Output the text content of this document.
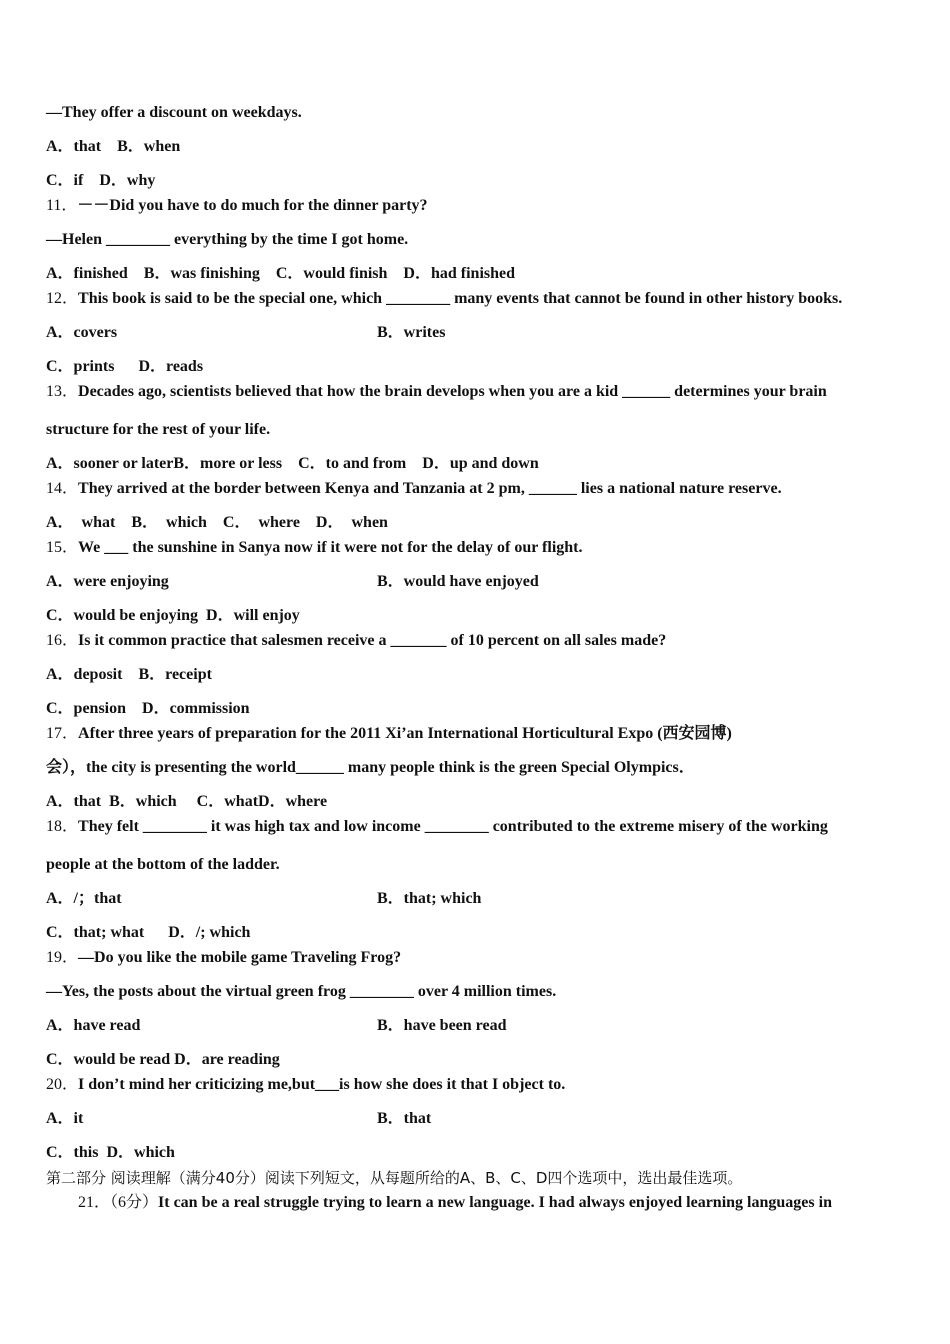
—They offer a discount on weekdays.
A．that　B．when
C．if　D．why
11．－－Did you have to do much for the dinner party?
—Helen ________ everything by the time I got home.
A．finished　B．was finishing　C．would finish　D．had finished
12．This book is said to be the special one, which ________ many events that cannot be found in other history books.
A．covers	B．writes
C．prints　  D．reads
13．Decades ago, scientists believed that how the brain develops when you are a kid ______ determines your brain
structure for the rest of your life.
A．sooner or laterB．more or less　C．to and from　D．up and down
14．They arrived at the border between Kenya and Tanzania at 2 pm, ______ lies a national nature reserve.
A．  what　B．  which　C．  where　D．  when
15．We ___ the sunshine in Sanya now if it were not for the delay of our flight.
A．were enjoying	B．would have enjoyed
C．would be enjoying  D．will enjoy
16．Is it common practice that salesmen receive a _______ of 10 percent on all sales made?
A．deposit　B．receipt
C．pension　D．commission
17．After three years of preparation for the 2011 Xi’an International Horticultural Expo (西安园博)
会），the city is presenting the world______ many people think is the green Special Olympics．
A．that  B．which　 C．whatD．where
18．They felt ________ it was high tax and low income ________ contributed to the extreme misery of the working
people at the bottom of the ladder.
A．/；that	B．that; which
C．that; what　  D．/; which
19．—Do you like the mobile game Traveling Frog?
—Yes, the posts about the virtual green frog ________ over 4 million times.
A．have read	B．have been read
C．would be read D．are reading
20．I don’t mind her criticizing me,but___is how she does it that I object to.
A．it	B．that
C．this  D．which
第二部分 阅读理解（满分40分）阅读下列短文，从每题所给的A、B、C、D四个选项中，选出最佳选项。
21．（6分）It can be a real struggle trying to learn a new language. I had always enjoyed learning languages in
